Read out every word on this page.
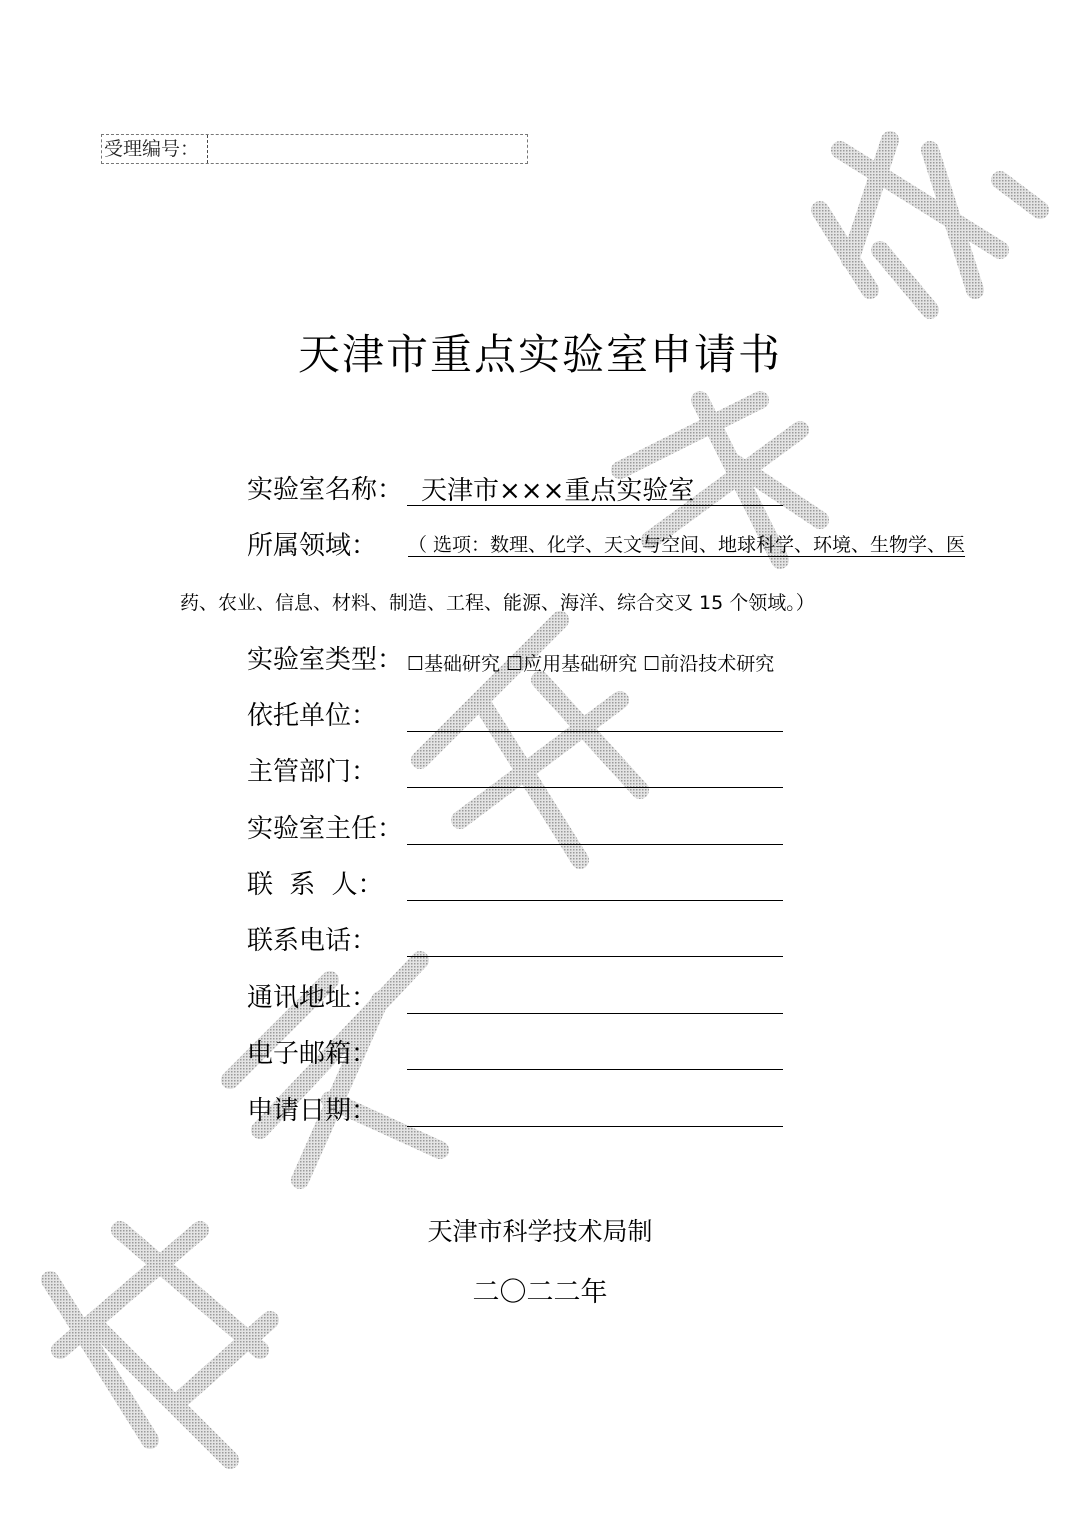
受理编号：
天津市重点实验室申请书
实验室名称： 天津市×××重点实验室
所属领域：	（ 选项：数理、化学、天文与空间、地球科学、环境、生物学、医
药、农业、信息、材料、制造、工程、能源、海洋、综合交叉 15 个领域。）
实验室类型： ☐基础研究 ☐应用基础研究 ☐前沿技术研究
依托单位：
主管部门：
实验室主任：
联 系 人：
联系电话：
通讯地址：
电子邮箱：
申请日期：
天津市科学技术局制
二〇二二年
